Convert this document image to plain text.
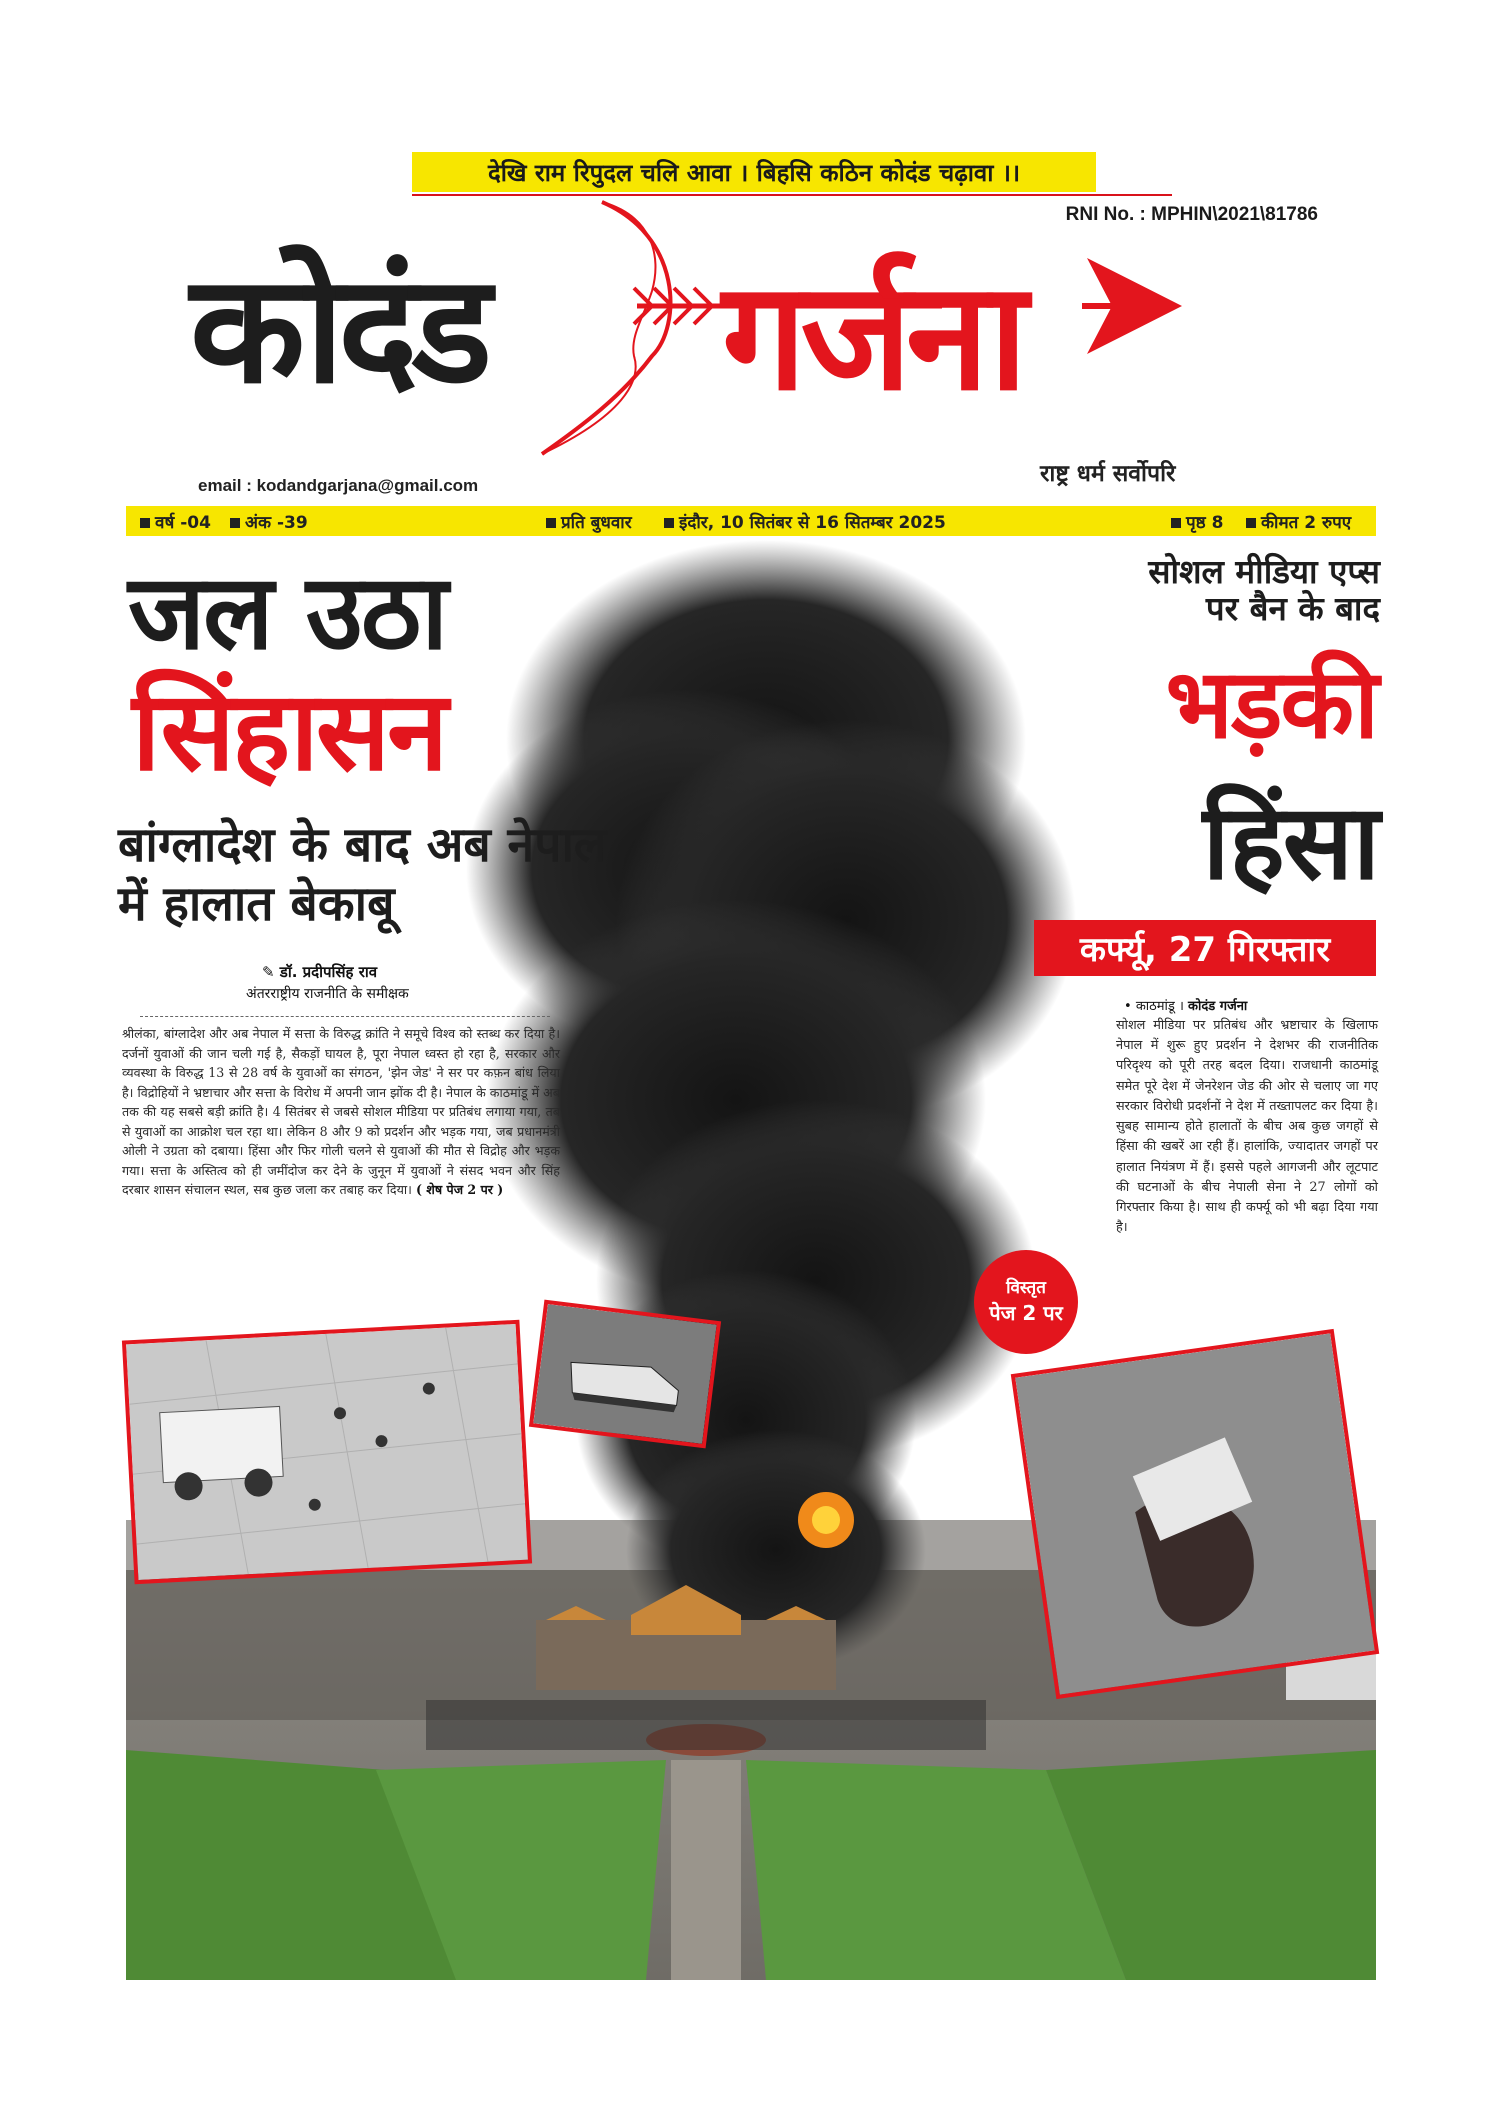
देखि राम रिपुदल चलि आवा । बिहसि कठिन कोदंड चढ़ावा ।।
RNI No. : MPHIN\2021\81786
कोदंड गर्जना
राष्ट्र धर्म सर्वोपरि
email : kodandgarjana@gmail.com
वर्ष -04	अंक -39	प्रति बुधवार	इंदौर, 10 सितंबर से 16 सितम्बर 2025	पृष्ठ 8	कीमत 2 रुपए
जल उठा
सिंहासन
बांग्लादेश के बाद अब नेपाल में हालात बेकाबू
✎ डॉ. प्रदीपसिंह राव
अंतरराष्ट्रीय राजनीति के समीक्षक
श्रीलंका, बांग्लादेश और अब नेपाल में सत्ता के विरुद्ध क्रांति ने समूचे विश्व को स्तब्ध कर दिया है। दर्जनों युवाओं की जान चली गई है, सैकड़ों घायल है, पूरा नेपाल ध्वस्त हो रहा है, सरकार और व्यवस्था के विरुद्ध 13 से 28 वर्ष के युवाओं का संगठन, 'झेन जेड' ने सर पर कफ़न बांध लिया है। विद्रोहियों ने भ्रष्टाचार और सत्ता के विरोध में अपनी जान झोंक दी है। नेपाल के काठमांडू में अब तक की यह सबसे बड़ी क्रांति है। 4 सितंबर से जबसे सोशल मीडिया पर प्रतिबंध लगाया गया, तब से युवाओं का आक्रोश चल रहा था। लेकिन 8 और 9 को प्रदर्शन और भड़क गया, जब प्रधानमंत्री ओली ने उग्रता को दबाया। हिंसा और फिर गोली चलने से युवाओं की मौत से विद्रोह और भड़क गया। सत्ता के अस्तित्व को ही जमींदोज कर देने के जुनून में युवाओं ने संसद भवन और सिंह दरबार शासन संचालन स्थल, सब कुछ जला कर तबाह कर दिया। ( शेष पेज 2 पर )
सोशल मीडिया एप्स पर बैन के बाद
भड़की
हिंसा
कर्फ्यू, 27 गिरफ्तार
• काठमांडू । कोदंड गर्जना
सोशल मीडिया पर प्रतिबंध और भ्रष्टाचार के खिलाफ नेपाल में शुरू हुए प्रदर्शन ने देशभर की राजनीतिक परिदृश्य को पूरी तरह बदल दिया। राजधानी काठमांडू समेत पूरे देश में जेनरेशन जेड की ओर से चलाए जा गए सरकार विरोधी प्रदर्शनों ने देश में तख्तापलट कर दिया है। सुबह सामान्य होते हालातों के बीच अब कुछ जगहों से हिंसा की खबरें आ रही हैं। हालांकि, ज्यादातर जगहों पर हालात नियंत्रण में हैं। इससे पहले आगजनी और लूटपाट की घटनाओं के बीच नेपाली सेना ने 27 लोगों को गिरफ्तार किया है। साथ ही कर्फ्यू को भी बढ़ा दिया गया है।
विस्तृत
पेज 2 पर
